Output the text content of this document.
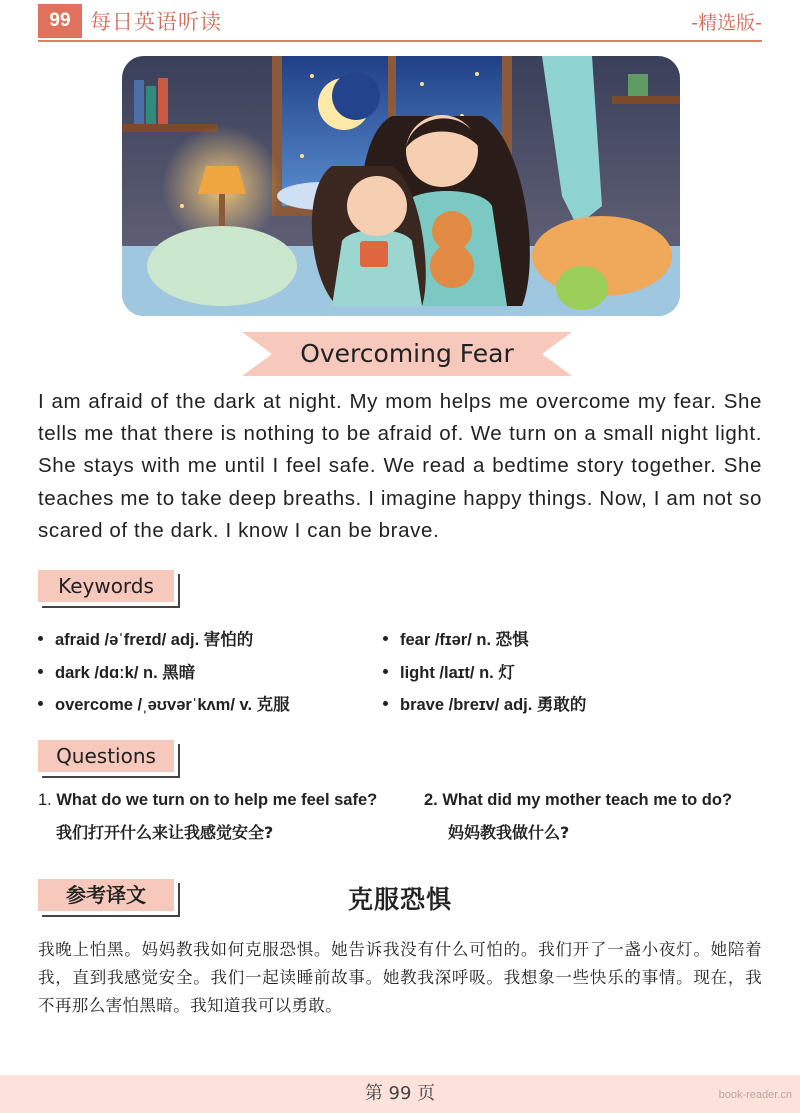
99 每日英语听读	-精选版-
Overcoming Fear

I am afraid of the dark at night. My mom helps me overcome my fear. She tells me that there is nothing to be afraid of. We turn on a small night light. She stays with me until I feel safe. We read a bedtime story together. She teaches me to take deep breaths. I imagine happy things. Now, I am not so scared of the dark. I know I can be brave.

Keywords
afraid /əˈfreɪd/ adj. 害怕的	fear /fɪər/ n. 恐惧
dark /dɑːk/ n. 黑暗	light /laɪt/ n. 灯
overcome /ˌəʊvərˈkʌm/ v. 克服	brave /breɪv/ adj. 勇敢的
Questions
1. What do we turn on to help me feel safe?
我们打开什么来让我感觉安全?
2. What did my mother teach me to do?
妈妈教我做什么?
参考译文	克服恐惧

我晚上怕黑。妈妈教我如何克服恐惧。她告诉我没有什么可怕的。我们开了一盏小夜灯。她陪着我，直到我感觉安全。我们一起读睡前故事。她教我深呼吸。我想象一些快乐的事情。现在，我不再那么害怕黑暗。我知道我可以勇敢。

第 99 页	book-reader.cn
